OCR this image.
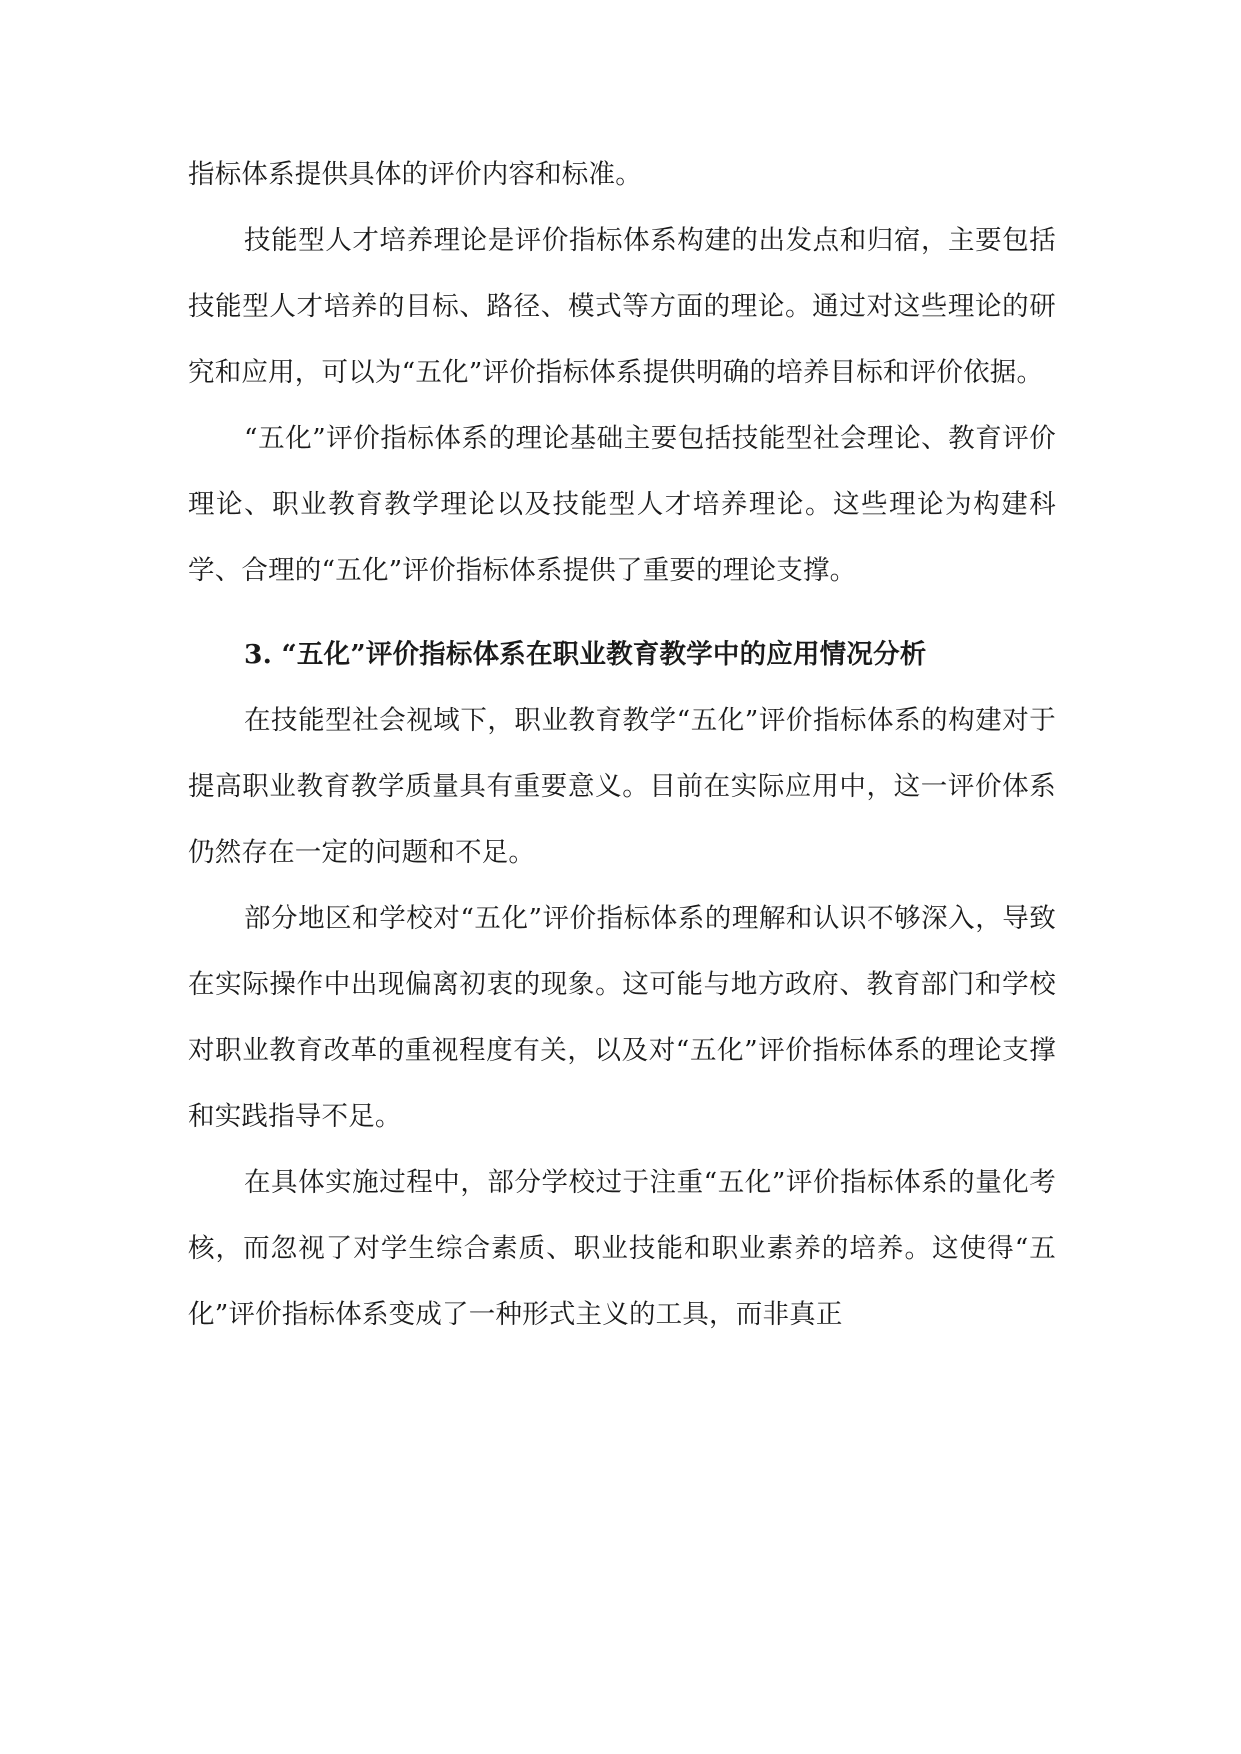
指标体系提供具体的评价内容和标准。

技能型人才培养理论是评价指标体系构建的出发点和归宿，主要包括技能型人才培养的目标、路径、模式等方面的理论。通过对这些理论的研究和应用，可以为“五化”评价指标体系提供明确的培养目标和评价依据。

“五化”评价指标体系的理论基础主要包括技能型社会理论、教育评价理论、职业教育教学理论以及技能型人才培养理论。这些理论为构建科学、合理的“五化”评价指标体系提供了重要的理论支撑。

3. “五化”评价指标体系在职业教育教学中的应用情况分析

在技能型社会视域下，职业教育教学“五化”评价指标体系的构建对于提高职业教育教学质量具有重要意义。目前在实际应用中，这一评价体系仍然存在一定的问题和不足。

部分地区和学校对“五化”评价指标体系的理解和认识不够深入，导致在实际操作中出现偏离初衷的现象。这可能与地方政府、教育部门和学校对职业教育改革的重视程度有关，以及对“五化”评价指标体系的理论支撑和实践指导不足。

在具体实施过程中，部分学校过于注重“五化”评价指标体系的量化考核，而忽视了对学生综合素质、职业技能和职业素养的培养。这使得“五化”评价指标体系变成了一种形式主义的工具，而非真正
